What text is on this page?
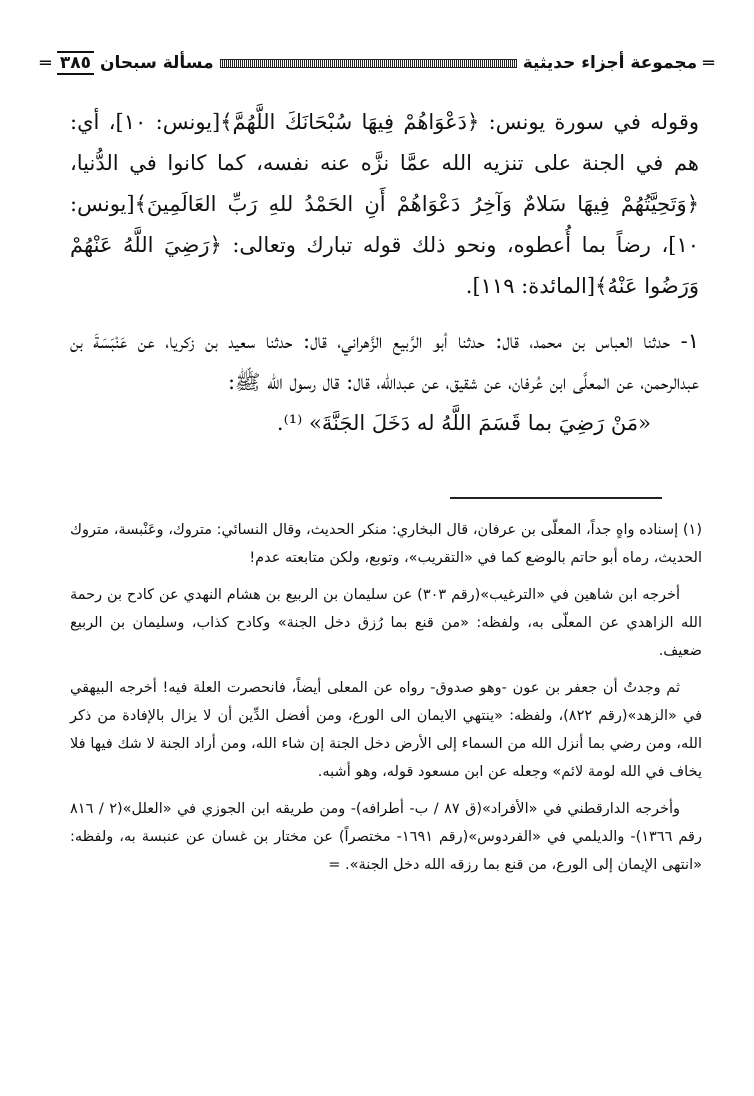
═
مجموعة أجزاء حديثية
مسألة سبحان
٣٨٥
═

وقوله في سورة يونس: ﴿دَعْوَاهُمْ فِيهَا سُبْحَانَكَ اللَّهُمَّ﴾[يونس: ١٠]، أي: هم في الجنة على تنزيه الله عمَّا نزَّه عنه نفسه، كما كانوا في الدُّنيا، ﴿وَتَحِيَّتُهُمْ فِيهَا سَلامٌ وَآخِرُ دَعْوَاهُمْ أَنِ الحَمْدُ للهِ رَبِّ العَالَمِينَ﴾[يونس: ١٠]، رضاً بما أُعطوه، ونحو ذلك قوله تبارك وتعالى: ﴿رَضِيَ اللَّهُ عَنْهُمْ وَرَضُوا عَنْهُ﴾[المائدة: ١١٩].

١- حدثنا العباس بن محمد، قال: حدثنا أبو الرَّبيع الزَّهراني، قال: حدثنا سعيد بن زكريا، عن عَنْبَسَةَ بن عبدالرحمن، عن المعلَّى ابن عُرفان، عن شقيق، عن عبدالله، قال: قال رسول الله ﷺ:

«مَنْ رَضِيَ بما قَسَمَ اللَّهُ له دَخَلَ الجَنَّةَ» ⁽¹⁾.

(١) إسناده واهٍ جداً، المعلّى بن عرفان، قال البخاري: منكر الحديث، وقال النسائي: متروك، وعَنْبسة، متروك الحديث، رماه أبو حاتم بالوضع كما في «التقريب»، وتوبع، ولكن متابعته عدم!

أخرجه ابن شاهين في «الترغيب»(رقم ٣٠٣) عن سليمان بن الربيع بن هشام النهدي عن كادح بن رحمة الله الزاهدي عن المعلّى به، ولفظه: «من قنع بما رُزق دخل الجنة» وكادح كذاب، وسليمان بن الربيع ضعيف.

ثم وجدتُ أن جعفر بن عون -وهو صدوق- رواه عن المعلى أيضاً، فانحصرت العلة فيه! أخرجه البيهقي في «الزهد»(رقم ٨٢٢)، ولفظه: «ينتهي الايمان الى الورع، ومن أفضل الدِّين أن لا يزال بالإفادة من ذكر الله، ومن رضي بما أنزل الله من السماء إلى الأرض دخل الجنة إن شاء الله، ومن أراد الجنة لا شك فيها فلا يخاف في الله لومة لائم» وجعله عن ابن مسعود قوله، وهو أشبه.

وأخرجه الدارقطني في «الأفراد»(ق ٨٧ / ب- أطرافه)- ومن طريقه ابن الجوزي في «العلل»(٢ / ٨١٦ رقم ١٣٦٦)- والديلمي في «الفردوس»(رقم ١٦٩١- مختصراً) عن مختار بن غسان عن عنبسة به، ولفظه: «انتهى الإيمان إلى الورع، من قنع بما رزقه الله دخل الجنة». =
